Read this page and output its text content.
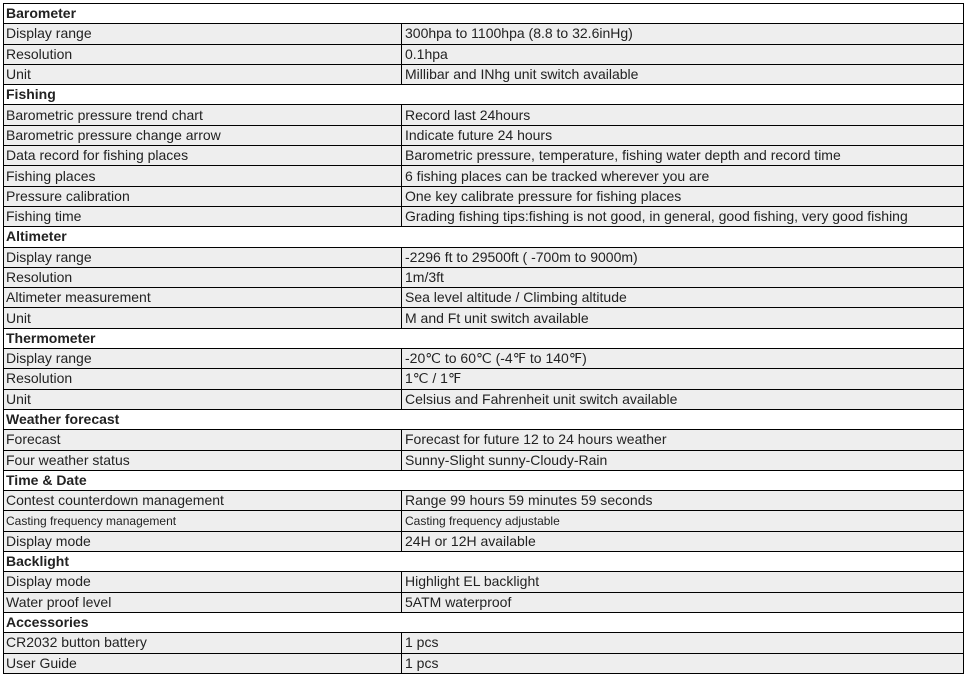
Barometer	
Display range	300hpa to 1100hpa (8.8 to 32.6inHg)
Resolution	0.1hpa
Unit	Millibar and INhg unit switch available
Fishing	
Barometric pressure trend chart	Record last 24hours
Barometric pressure change arrow	Indicate future 24 hours
Data record for fishing places	Barometric pressure, temperature, fishing water depth and record time
Fishing places	6 fishing places can be tracked wherever you are
Pressure calibration	One key calibrate pressure for fishing places
Fishing time	Grading fishing tips:fishing is not good, in general, good fishing, very good fishing
Altimeter	
Display range	-2296 ft to 29500ft ( -700m to 9000m)
Resolution	1m/3ft
Altimeter measurement	Sea level altitude / Climbing altitude
Unit	M and Ft unit switch available
Thermometer	
Display range	-20℃ to 60℃ (-4℉ to 140℉)
Resolution	1℃ / 1℉
Unit	Celsius and Fahrenheit unit switch available
Weather forecast	
Forecast	Forecast for future 12 to 24 hours weather
Four weather status	Sunny-Slight sunny-Cloudy-Rain
Time & Date	
Contest counterdown management	Range 99 hours 59 minutes 59 seconds
Casting frequency management	Casting frequency adjustable
Display mode	24H or 12H available
Backlight	
Display mode	Highlight EL backlight
Water proof level	5ATM waterproof
Accessories	
CR2032 button battery	1 pcs
User Guide	1 pcs
